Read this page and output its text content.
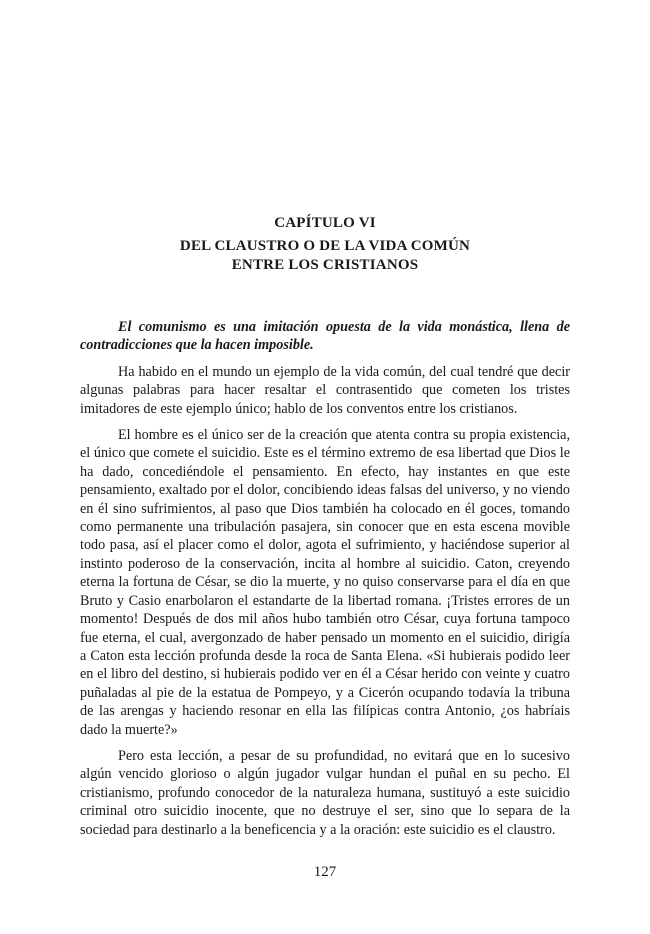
CAPÍTULO VI
DEL CLAUSTRO O DE LA VIDA COMÚN
ENTRE LOS CRISTIANOS

El comunismo es una imitación opuesta de la vida monástica, llena de contradicciones que la hacen imposible.

Ha habido en el mundo un ejemplo de la vida común, del cual tendré que decir algunas palabras para hacer resaltar el contrasentido que cometen los tristes imitadores de este ejemplo único; hablo de los conventos entre los cristianos.

El hombre es el único ser de la creación que atenta contra su propia existencia, el único que comete el suicidio. Este es el término extremo de esa libertad que Dios le ha dado, concediéndole el pensamiento. En efecto, hay instantes en que este pensamiento, exaltado por el dolor, concibiendo ideas falsas del universo, y no viendo en él sino sufrimientos, al paso que Dios también ha colocado en él goces, tomando como permanente una tribulación pasajera, sin conocer que en esta escena movible todo pasa, así el placer como el dolor, agota el sufrimiento, y haciéndose superior al instinto poderoso de la conservación, incita al hombre al suicidio. Caton, creyendo eterna la fortuna de César, se dio la muerte, y no quiso conservarse para el día en que Bruto y Casio enarbolaron el estandarte de la libertad romana. ¡Tristes errores de un momento! Después de dos mil años hubo también otro César, cuya fortuna tampoco fue eterna, el cual, avergonzado de haber pensado un momento en el suicidio, dirigía a Caton esta lección profunda desde la roca de Santa Elena. «Si hubierais podido leer en el libro del destino, si hubierais podido ver en él a César herido con veinte y cuatro puñaladas al pie de la estatua de Pompeyo, y a Cicerón ocupando todavía la tribuna de las arengas y haciendo resonar en ella las filípicas contra Antonio, ¿os habríais dado la muerte?»

Pero esta lección, a pesar de su profundidad, no evitará que en lo sucesivo algún vencido glorioso o algún jugador vulgar hundan el puñal en su pecho. El cristianismo, profundo conocedor de la naturaleza humana, sustituyó a este suicidio criminal otro suicidio inocente, que no destruye el ser, sino que lo separa de la sociedad para destinarlo a la beneficencia y a la oración: este suicidio es el claustro.

127
